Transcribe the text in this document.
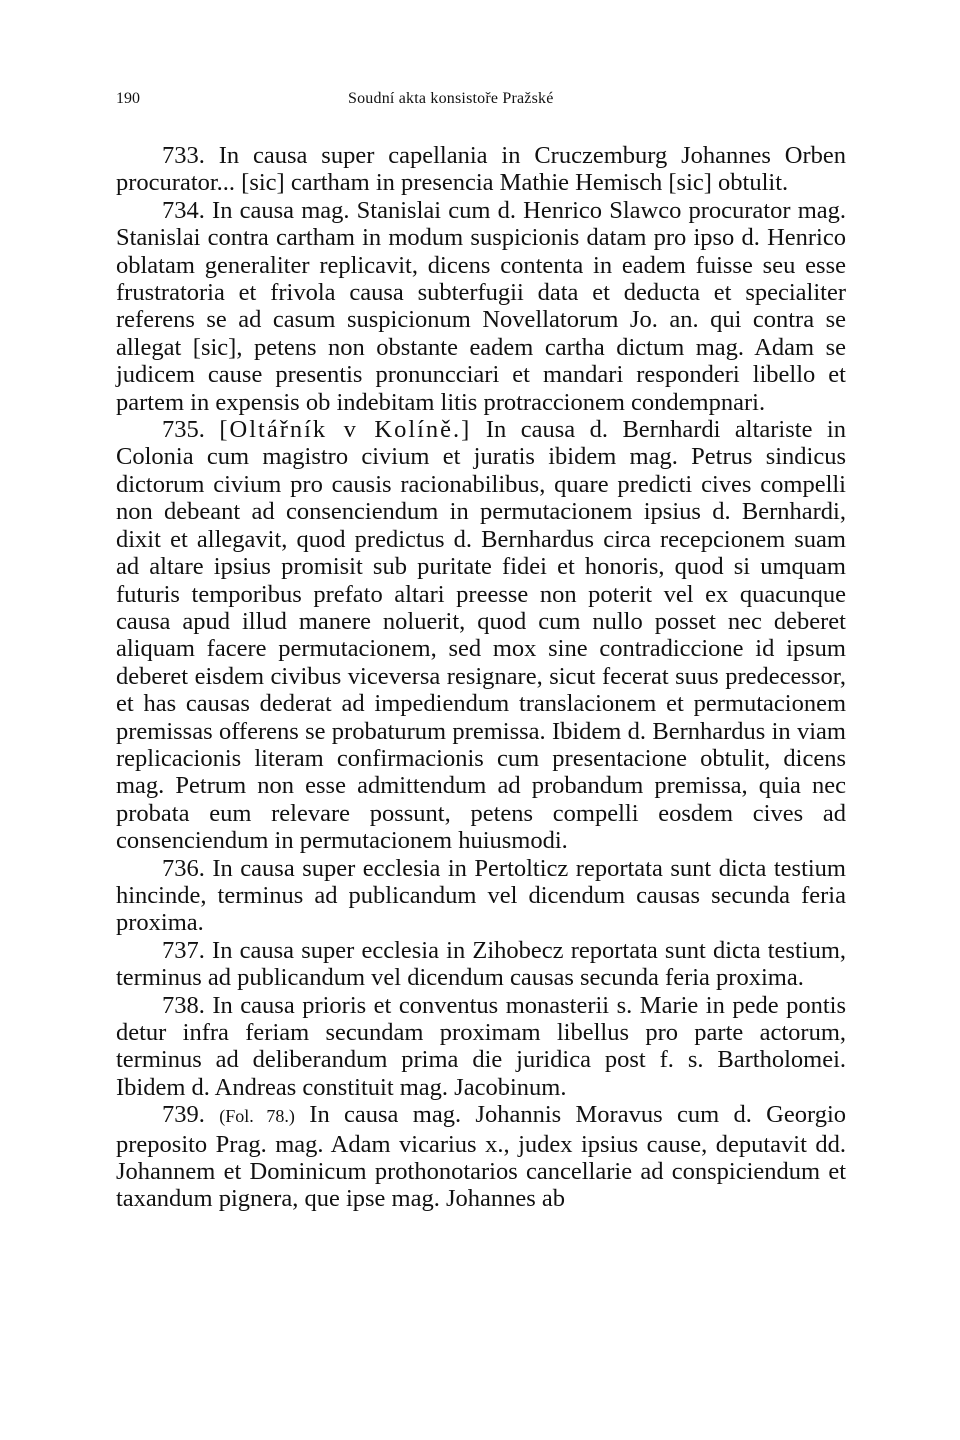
190	Soudní akta konsistoře Pražské

733. In causa super capellania in Cruczemburg Johannes Orben procurator... [sic] cartham in presencia Mathie Hemisch [sic] obtulit.

734. In causa mag. Stanislai cum d. Henrico Slawco procurator mag. Stanislai contra cartham in modum suspicionis datam pro ipso d. Henrico oblatam generaliter replicavit, dicens contenta in eadem fuisse seu esse frustratoria et frivola causa subterfugii data et deducta et specialiter referens se ad casum suspicionum Novellatorum Jo. an. qui contra se allegat [sic], petens non obstante eadem cartha dictum mag. Adam se judicem cause presentis pronuncciari et mandari responderi libello et partem in expensis ob indebitam litis protraccionem condempnari.

735. [Oltářník v Kolíně.] In causa d. Bernhardi altariste in Colonia cum magistro civium et juratis ibidem mag. Petrus sindicus dictorum civium pro causis racionabilibus, quare predicti cives compelli non debeant ad consenciendum in permutacionem ipsius d. Bernhardi, dixit et allegavit, quod predictus d. Bernhardus circa recepcionem suam ad altare ipsius promisit sub puritate fidei et honoris, quod si umquam futuris temporibus prefato altari preesse non poterit vel ex quacunque causa apud illud manere noluerit, quod cum nullo posset nec deberet aliquam facere permutacionem, sed mox sine contradiccione id ipsum deberet eisdem civibus viceversa resignare, sicut fecerat suus predecessor, et has causas dederat ad impediendum translacionem et permutacionem premissas offerens se probaturum premissa. Ibidem d. Bernhardus in viam replicacionis literam confirmacionis cum presentacione obtulit, dicens mag. Petrum non esse admittendum ad probandum premissa, quia nec probata eum relevare possunt, petens compelli eosdem cives ad consenciendum in permutacionem huiusmodi.

736. In causa super ecclesia in Pertolticz reportata sunt dicta testium hincinde, terminus ad publicandum vel dicendum causas secunda feria proxima.

737. In causa super ecclesia in Zihobecz reportata sunt dicta testium, terminus ad publicandum vel dicendum causas secunda feria proxima.

738. In causa prioris et conventus monasterii s. Marie in pede pontis detur infra feriam secundam proximam libellus pro parte actorum, terminus ad deliberandum prima die juridica post f. s. Bartholomei. Ibidem d. Andreas constituit mag. Jacobinum.

739. (Fol. 78.) In causa mag. Johannis Moravus cum d. Georgio preposito Prag. mag. Adam vicarius x., judex ipsius cause, deputavit dd. Johannem et Dominicum prothonotarios cancellarie ad conspiciendum et taxandum pignera, que ipse mag. Johannes ab
